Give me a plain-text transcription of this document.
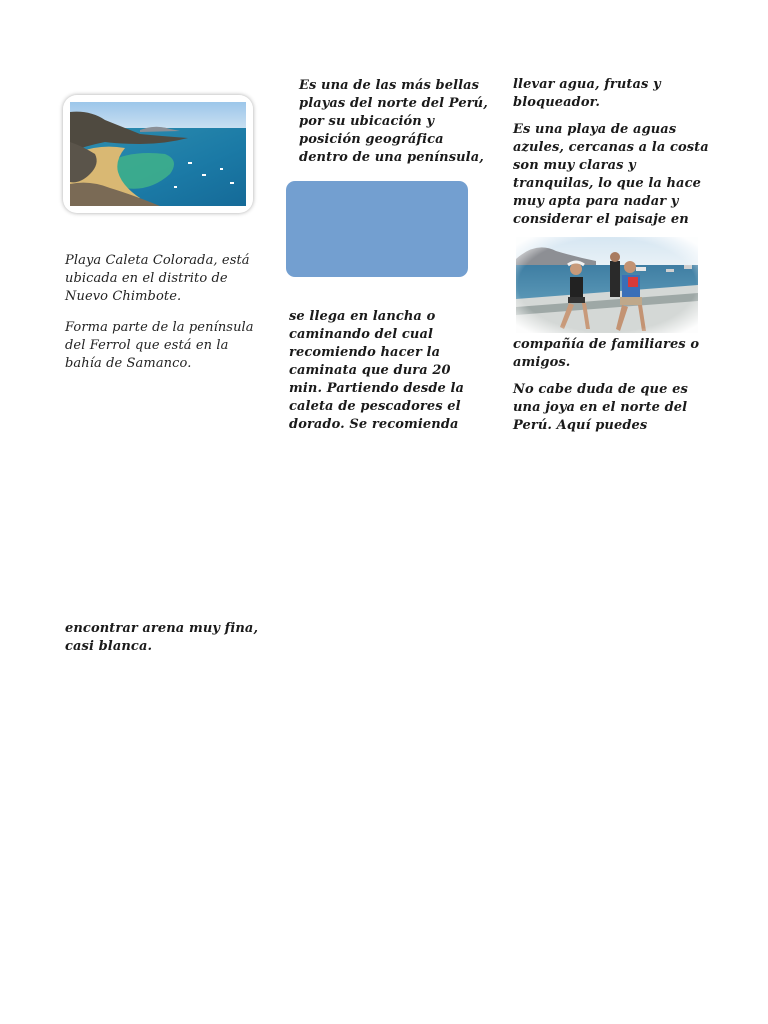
Playa Caleta Colorada, está ubicada en el distrito de Nuevo Chimbote.

Forma parte de la península del Ferrol que está en la bahía de Samanco.

encontrar arena muy fina, casi blanca.

Es una de las más bellas playas del norte del Perú, por su ubicación y posición geográfica dentro de una península,

se llega en lancha o caminando del cual recomiendo hacer la caminata que dura 20 min. Partiendo desde la caleta de pescadores el dorado. Se recomienda

llevar agua, frutas y bloqueador.

Es una playa de aguas azules, cercanas a la costa son muy claras y tranquilas, lo que la hace muy apta para nadar y considerar el paisaje en

compañía de familiares o amigos.

No cabe duda de que es una joya en el norte del Perú. Aquí puedes
